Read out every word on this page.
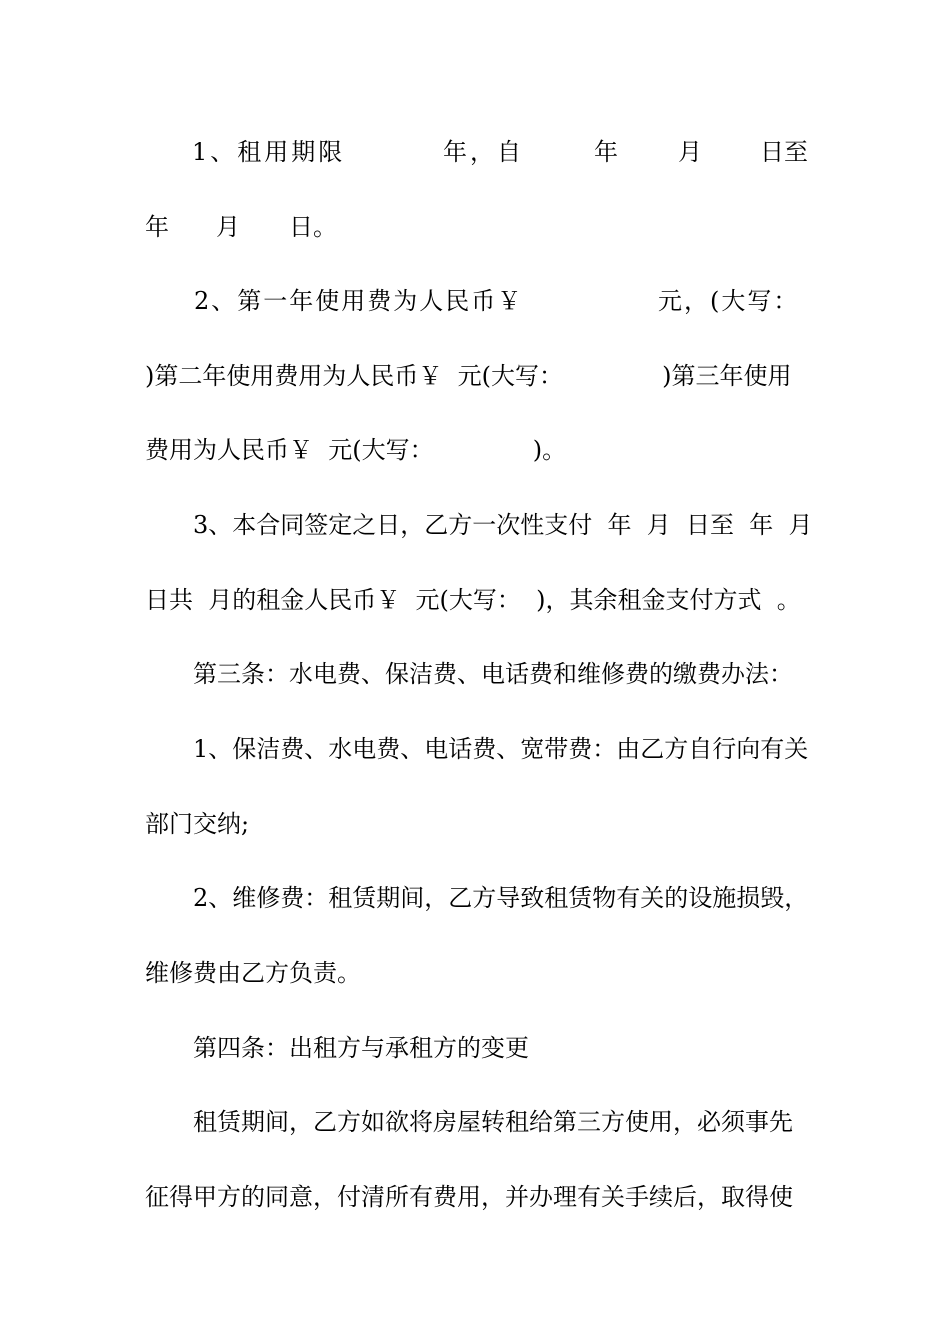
1、租用期限	年，自	年	月 日至
年 月 日。
2、第一年使用费为人民币￥	元，(大写：

)第二年使用费用为人民币￥  元(大写：             )第三年使用

费用为人民币￥  元(大写：             )。

3、本合同签定之日，乙方一次性支付  年  月  日至  年  月

日共  月的租金人民币￥  元(大写：  )，其余租金支付方式  。

第三条：水电费、保洁费、电话费和维修费的缴费办法：

1、保洁费、水电费、电话费、宽带费：由乙方自行向有关

部门交纳;

2、维修费：租赁期间，乙方导致租赁物有关的设施损毁，

维修费由乙方负责。

第四条：出租方与承租方的变更

租赁期间，乙方如欲将房屋转租给第三方使用，必须事先

征得甲方的同意，付清所有费用，并办理有关手续后，取得使
